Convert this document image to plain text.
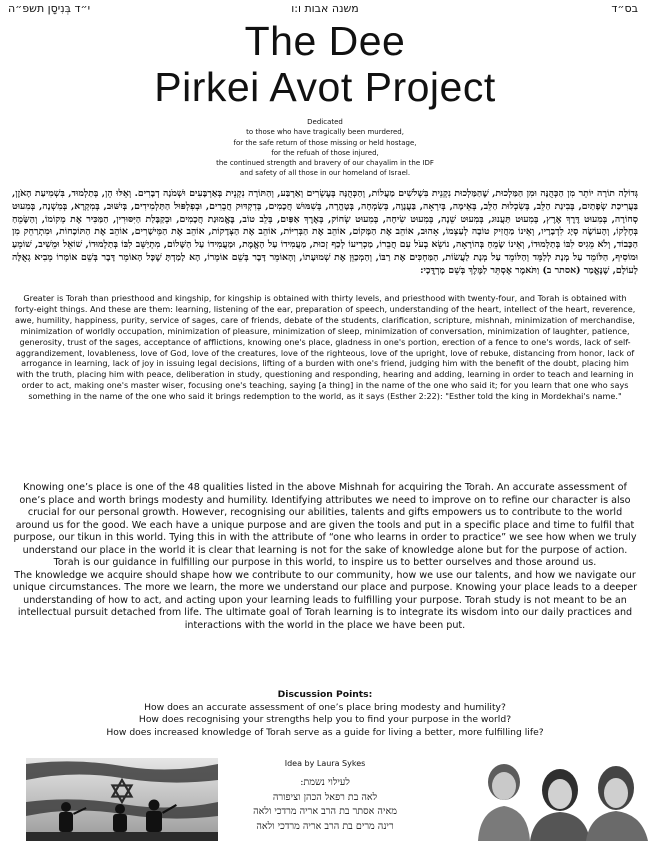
בס״ד
משנה אבות ו:ו
י״ד בְּנִיסָן תשפ״ה
The Dee
Pirkei Avot Project
Dedicated
to those who have tragically been murdered,
for the safe return of those missing or held hostage,
for the refuah of those injured,
the continued strength and bravery of our chayalim in the IDF
and safety of all those in our homeland of Israel.
גְּדוֹלָה תוֹרָה יוֹתֵר מִן הַכְּהֻנָּה וּמִן הַמַּלְכוּת, שֶׁהַמַּלְכוּת נִקְנֵית בִּשְׁלשִׁים מַעֲלוֹת, וְהַכְּהֻנָּה בְּעֶשְׂרִים וְאַרְבַּע, וְהַתּוֹרָה נִקְנֵית בְּאַרְבָּעִים וּשְׁמֹנָה דְבָרִים. וְאֵלּוּ הֵן, בְּתַלְמוּד, בִּשְׁמִיעַת הָאֹזֶן, בַּעֲרִיכַת שְׂפָתַיִם, בְּבִינַת הַלֵּב, בְּשִׂכְלוּת הַלֵּב, בְּאֵימָה, בְּיִרְאָה, בַּעֲנָוָה, בְּשִׂמְחָה, בְּטָהֳרָה, בְּשִׁמּוּשׁ חֲכָמִים, בְּדִקְדּוּק חֲבֵרִים, וּבְפִלְפּוּל הַתַּלְמִידִים, בְּיִשּׁוּב, בְּמִקְרָא, בְּמִשְׁנָה, בְּמִעוּט סְחוֹרָה, בְּמִעוּט דֶּרֶךְ אֶרֶץ, בְּמִעוּט תַּעֲנוּג, בְּמִעוּט שֵׁנָה, בְּמִעוּט שִׂיחָה, בְּמִעוּט שְׂחוֹק, בְּאֶרֶךְ אַפַּיִם, בְּלֵב טוֹב, בֶּאֱמוּנַת חֲכָמִים, וּבְקַבָּלַת הַיִּסּוּרִין, הַמַּכִּיר אֶת מְקוֹמוֹ, וְהַשָּׂמֵחַ בְּחֶלְקוֹ, וְהָעוֹשֶׂה סְיָג לִדְבָרָיו, וְאֵינוֹ מַחֲזִיק טוֹבָה לְעַצְמוֹ, אָהוּב, אוֹהֵב אֶת הַמָּקוֹם, אוֹהֵב אֶת הַבְּרִיּוֹת, אוֹהֵב אֶת הַצְּדָקוֹת, אוֹהֵב אֶת הַמֵּישָׁרִים, אוֹהֵב אֶת הַתּוֹכָחוֹת, וּמִתְרַחֵק מִן הַכָּבוֹד, וְלֹא מֵגִיס לִבּוֹ בְּתַלְמוּדוֹ, וְאֵינוֹ שָׂמֵחַ בְּהוֹרָאָה, נוֹשֵׂא בְעֹל עִם חֲבֵרוֹ, מַכְרִיעוֹ לְכַף זְכוּת, מַעֲמִידוֹ עַל הָאֱמֶת, וּמַעֲמִידוֹ עַל הַשָּׁלוֹם, מִתְיַשֵּׁב לִבּוֹ בְּתַלְמוּדוֹ, שׁוֹאֵל וּמֵשִׁיב, שׁוֹמֵעַ וּמוֹסִיף, הַלּוֹמֵד עַל מְנָת לְלַמֵּד וְהַלּוֹמֵד עַל מְנָת לַעֲשׂוֹת, הַמַּחְכִּים אֶת רַבּוֹ, וְהַמְכַוֵּן אֶת שְׁמוּעָתוֹ, וְהָאוֹמֵר דָּבָר בְּשֵׁם אוֹמְרוֹ, הָא לָמַדְתָּ שֶׁכָּל הָאוֹמֵר דָּבָר בְּשֵׁם אוֹמְרוֹ מֵבִיא גְאֻלָּה לָעוֹלָם, שֶׁנֶּאֱמַר (אסתר ב) וַתֹּאמֶר אֶסְתֵּר לַמֶּלֶךְ בְּשֵׁם מָרְדֳּכָי:
Greater is Torah than priesthood and kingship, for kingship is obtained with thirty levels, and priesthood with twenty-four, and Torah is obtained with forty-eight things. And these are them: learning, listening of the ear, preparation of speech, understanding of the heart, intellect of the heart, reverence, awe, humility, happiness, purity, service of sages, care of friends, debate of the students, clarification, scripture, mishnah, minimization of merchandise, minimization of worldly occupation, minimization of pleasure, minimization of sleep, minimization of conversation, minimization of laughter, patience, generosity, trust of the sages, acceptance of afflictions, knowing one's place, gladness in one's portion, erection of a fence to one's words, lack of self-aggrandizement, lovableness, love of God, love of the creatures, love of the righteous, love of the upright, love of rebuke, distancing from honor, lack of arrogance in learning, lack of joy in issuing legal decisions, lifting of a burden with one's friend, judging him with the benefit of the doubt, placing him with the truth, placing him with peace, deliberation in study, questioning and responding, hearing and adding, learning in order to teach and learning in order to act, making one's master wiser, focusing one's teaching, saying [a thing] in the name of the one who said it; for you learn that one who says something in the name of the one who said it brings redemption to the world, as it says (Esther 2:22): "Esther told the king in Mordekhai's name."

Knowing one’s place is one of the 48 qualities listed in the above Mishnah for acquiring the Torah. An accurate assessment of one’s place and worth brings modesty and humility. Identifying attributes we need to improve on to refine our character is also crucial for our personal growth. However, recognising our abilities, talents and gifts empowers us to contribute to the world around us for the good. We each have a unique purpose and are given the tools and put in a specific place and time to fulfil that purpose, our tikun in this world. Tying this in with the attribute of “one who learns in order to practice” we see how when we truly understand our place in the world it is clear that learning is not for the sake of knowledge alone but for the purpose of action. Torah is our guidance in fulfilling our purpose in this world, to inspire us to better ourselves and those around us.

The knowledge we acquire should shape how we contribute to our community, how we use our talents, and how we navigate our unique circumstances. The more we learn, the more we understand our place and purpose. Knowing your place leads to a deeper understanding of how to act, and acting upon your learning leads to fulfilling your purpose. Torah study is not meant to be an intellectual pursuit detached from life. The ultimate goal of Torah learning is to integrate its wisdom into our daily practices and interactions with the world in the place we have been put.

Discussion Points:
How does an accurate assessment of one’s place bring modesty and humility?
How does recognising your strengths help you to find your purpose in the world?
How does increased knowledge of Torah serve as a guide for living a better, more fulfilling life?
Idea by Laura Sykes
לעילוי נשמת:
לאה בת רפאל הכהן וציפורה
מאיה אסתר בת הרב אריה מרדכי ולאה
רינה מרים בת הרב אריה מרדכי ולאה
